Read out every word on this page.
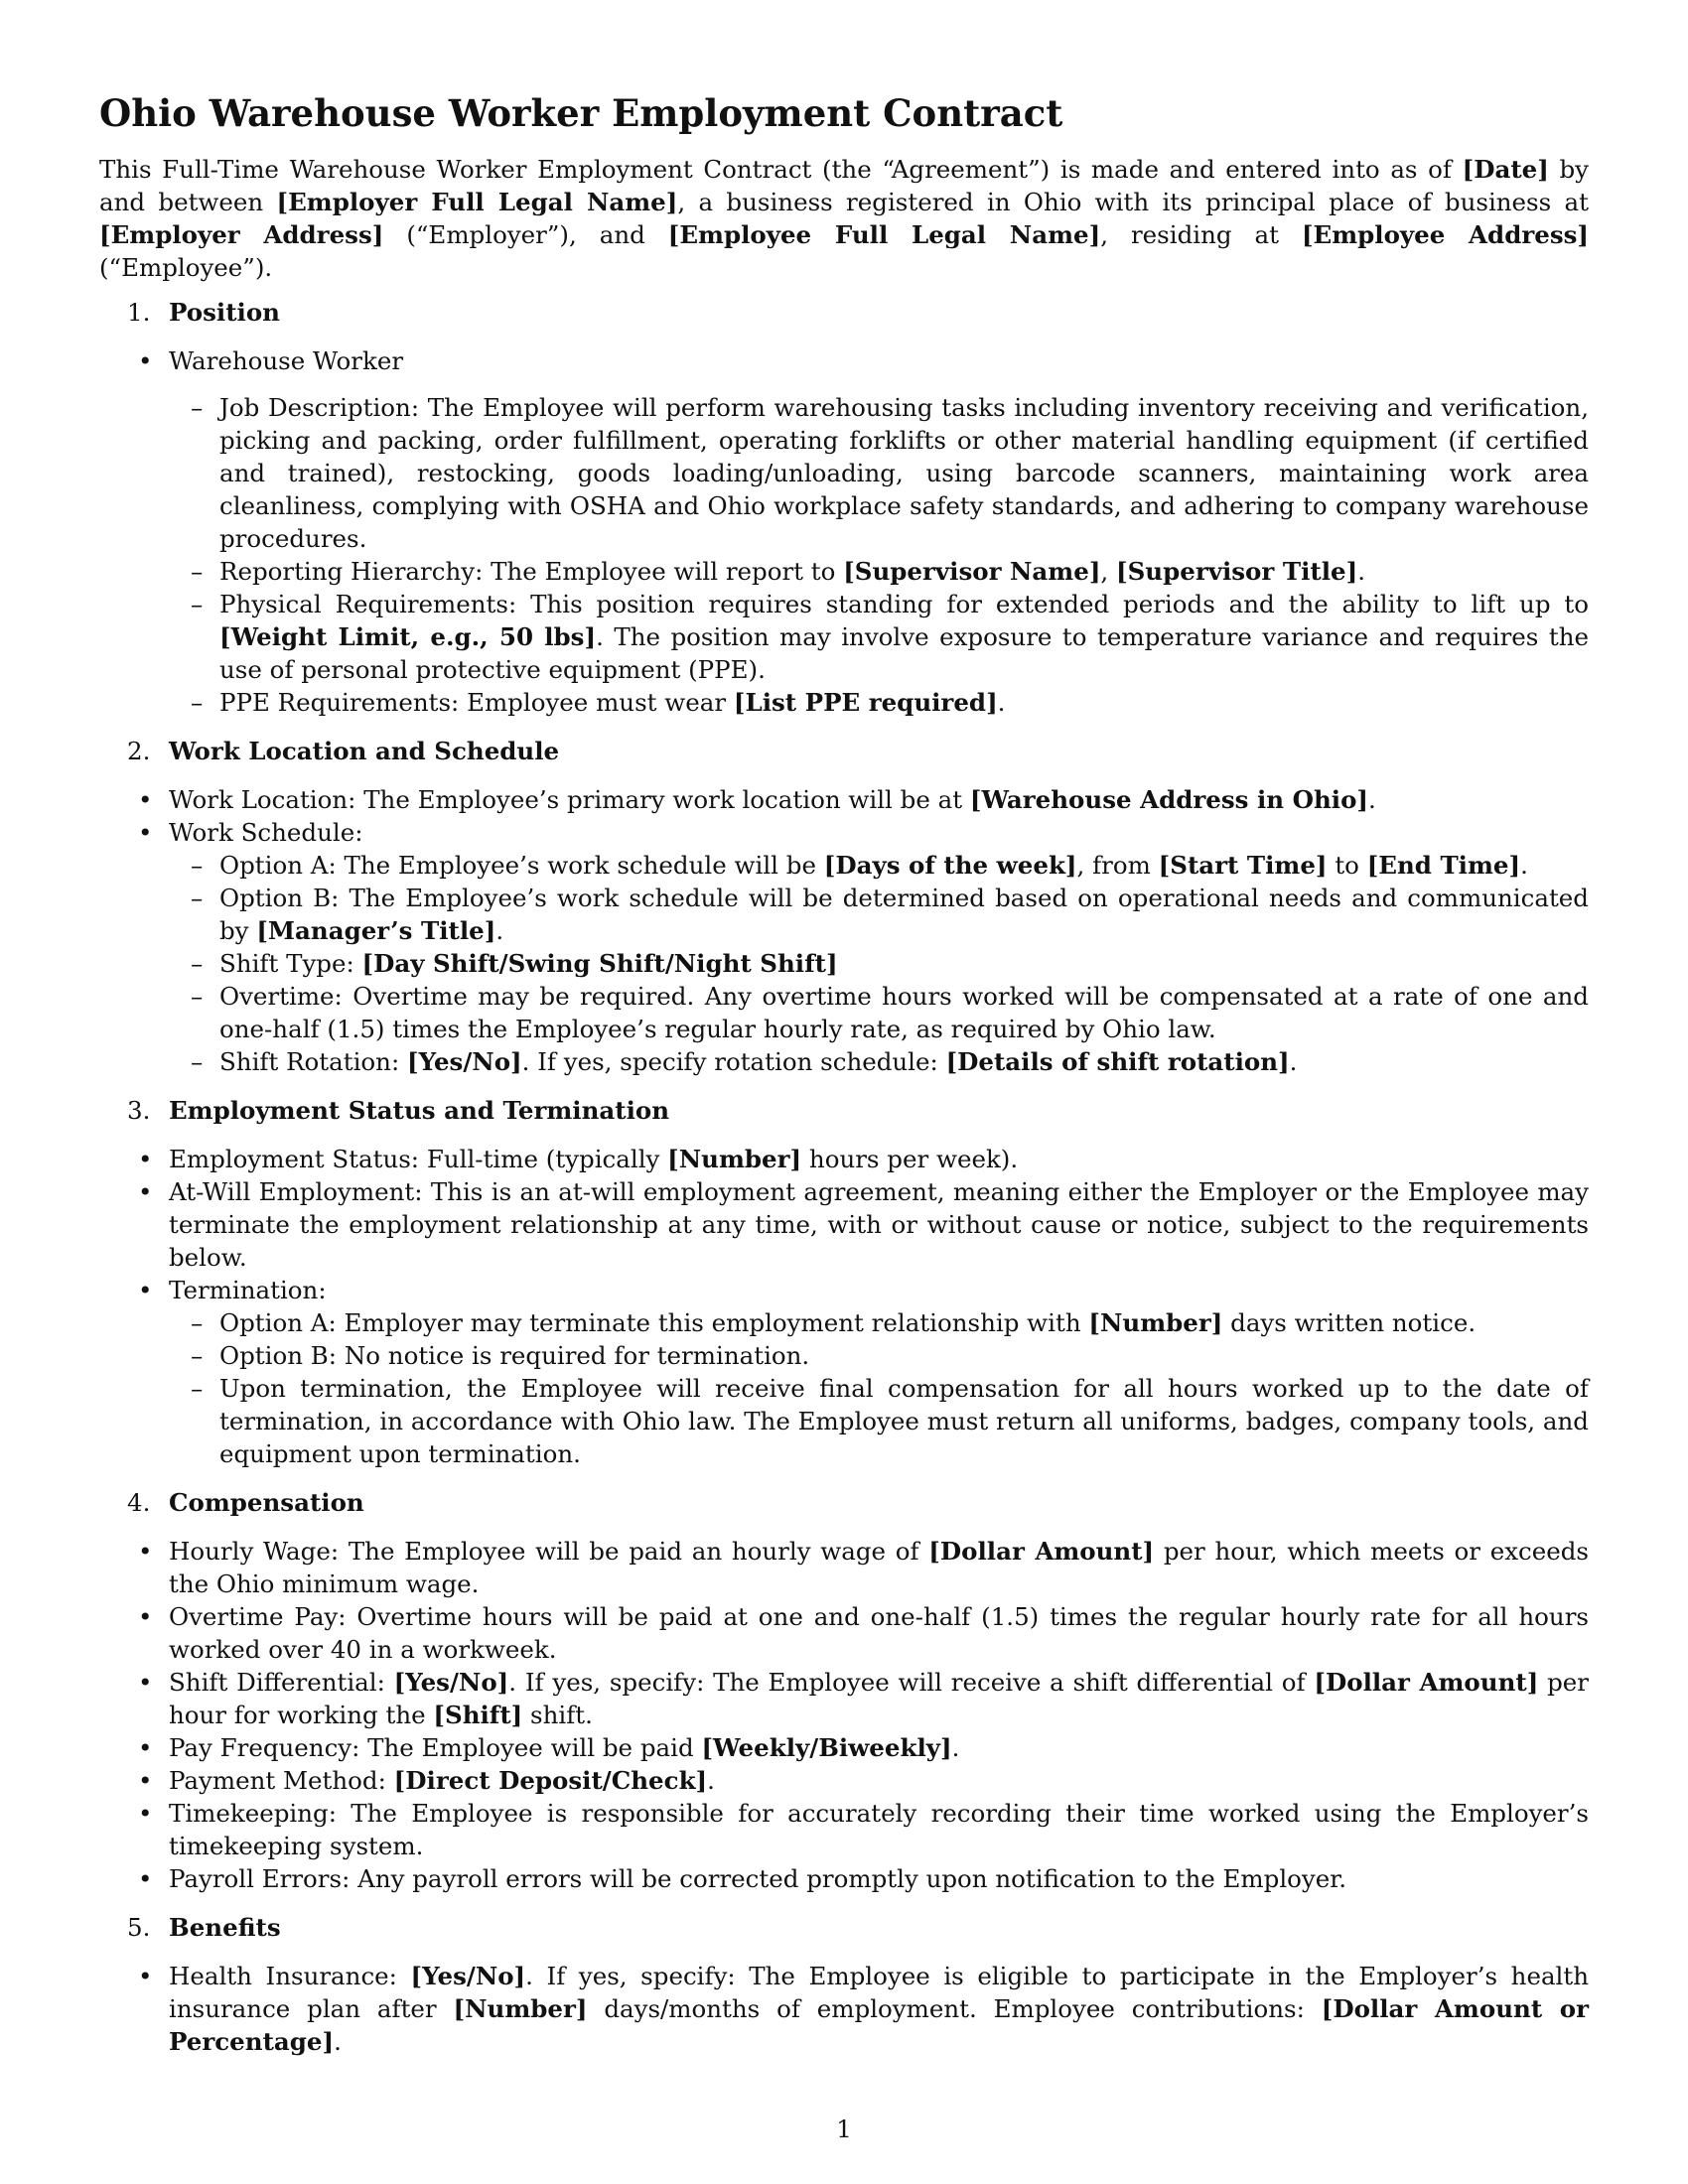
Ohio Warehouse Worker Employment Contract

This Full-Time Warehouse Worker Employment Contract (the “Agreement”) is made and entered into as of [Date] by and between [Employer Full Legal Name], a business registered in Ohio with its principal place of business at [Employer Address] (“Employer”), and [Employee Full Legal Name], residing at [Employee Address] (“Employee”).

1. Position
• Warehouse Worker
– Job Description: The Employee will perform warehousing tasks including inventory receiving and verification, picking and packing, order fulfillment, operating forklifts or other material handling equipment (if certified and trained), restocking, goods loading/unloading, using barcode scanners, maintaining work area cleanliness, complying with OSHA and Ohio workplace safety standards, and adhering to company warehouse procedures.
– Reporting Hierarchy: The Employee will report to [Supervisor Name], [Supervisor Title].
– Physical Requirements: This position requires standing for extended periods and the ability to lift up to [Weight Limit, e.g., 50 lbs]. The position may involve exposure to temperature variance and requires the use of personal protective equipment (PPE).
– PPE Requirements: Employee must wear [List PPE required].
2. Work Location and Schedule
• Work Location: The Employee’s primary work location will be at [Warehouse Address in Ohio].
• Work Schedule:
– Option A: The Employee’s work schedule will be [Days of the week], from [Start Time] to [End Time].
– Option B: The Employee’s work schedule will be determined based on operational needs and communicated by [Manager’s Title].
– Shift Type: [Day Shift/Swing Shift/Night Shift]
– Overtime: Overtime may be required. Any overtime hours worked will be compensated at a rate of one and one-half (1.5) times the Employee’s regular hourly rate, as required by Ohio law.
– Shift Rotation: [Yes/No]. If yes, specify rotation schedule: [Details of shift rotation].
3. Employment Status and Termination
• Employment Status: Full-time (typically [Number] hours per week).
• At-Will Employment: This is an at-will employment agreement, meaning either the Employer or the Employee may terminate the employment relationship at any time, with or without cause or notice, subject to the requirements below.
• Termination:
– Option A: Employer may terminate this employment relationship with [Number] days written notice.
– Option B: No notice is required for termination.
– Upon termination, the Employee will receive final compensation for all hours worked up to the date of termination, in accordance with Ohio law. The Employee must return all uniforms, badges, company tools, and equipment upon termination.
4. Compensation
• Hourly Wage: The Employee will be paid an hourly wage of [Dollar Amount] per hour, which meets or exceeds the Ohio minimum wage.
• Overtime Pay: Overtime hours will be paid at one and one-half (1.5) times the regular hourly rate for all hours worked over 40 in a workweek.
• Shift Differential: [Yes/No]. If yes, specify: The Employee will receive a shift differential of [Dollar Amount] per hour for working the [Shift] shift.
• Pay Frequency: The Employee will be paid [Weekly/Biweekly].
• Payment Method: [Direct Deposit/Check].
• Timekeeping: The Employee is responsible for accurately recording their time worked using the Employer’s timekeeping system.
• Payroll Errors: Any payroll errors will be corrected promptly upon notification to the Employer.
5. Benefits
• Health Insurance: [Yes/No]. If yes, specify: The Employee is eligible to participate in the Employer’s health insurance plan after [Number] days/months of employment. Employee contributions: [Dollar Amount or Percentage].
1
